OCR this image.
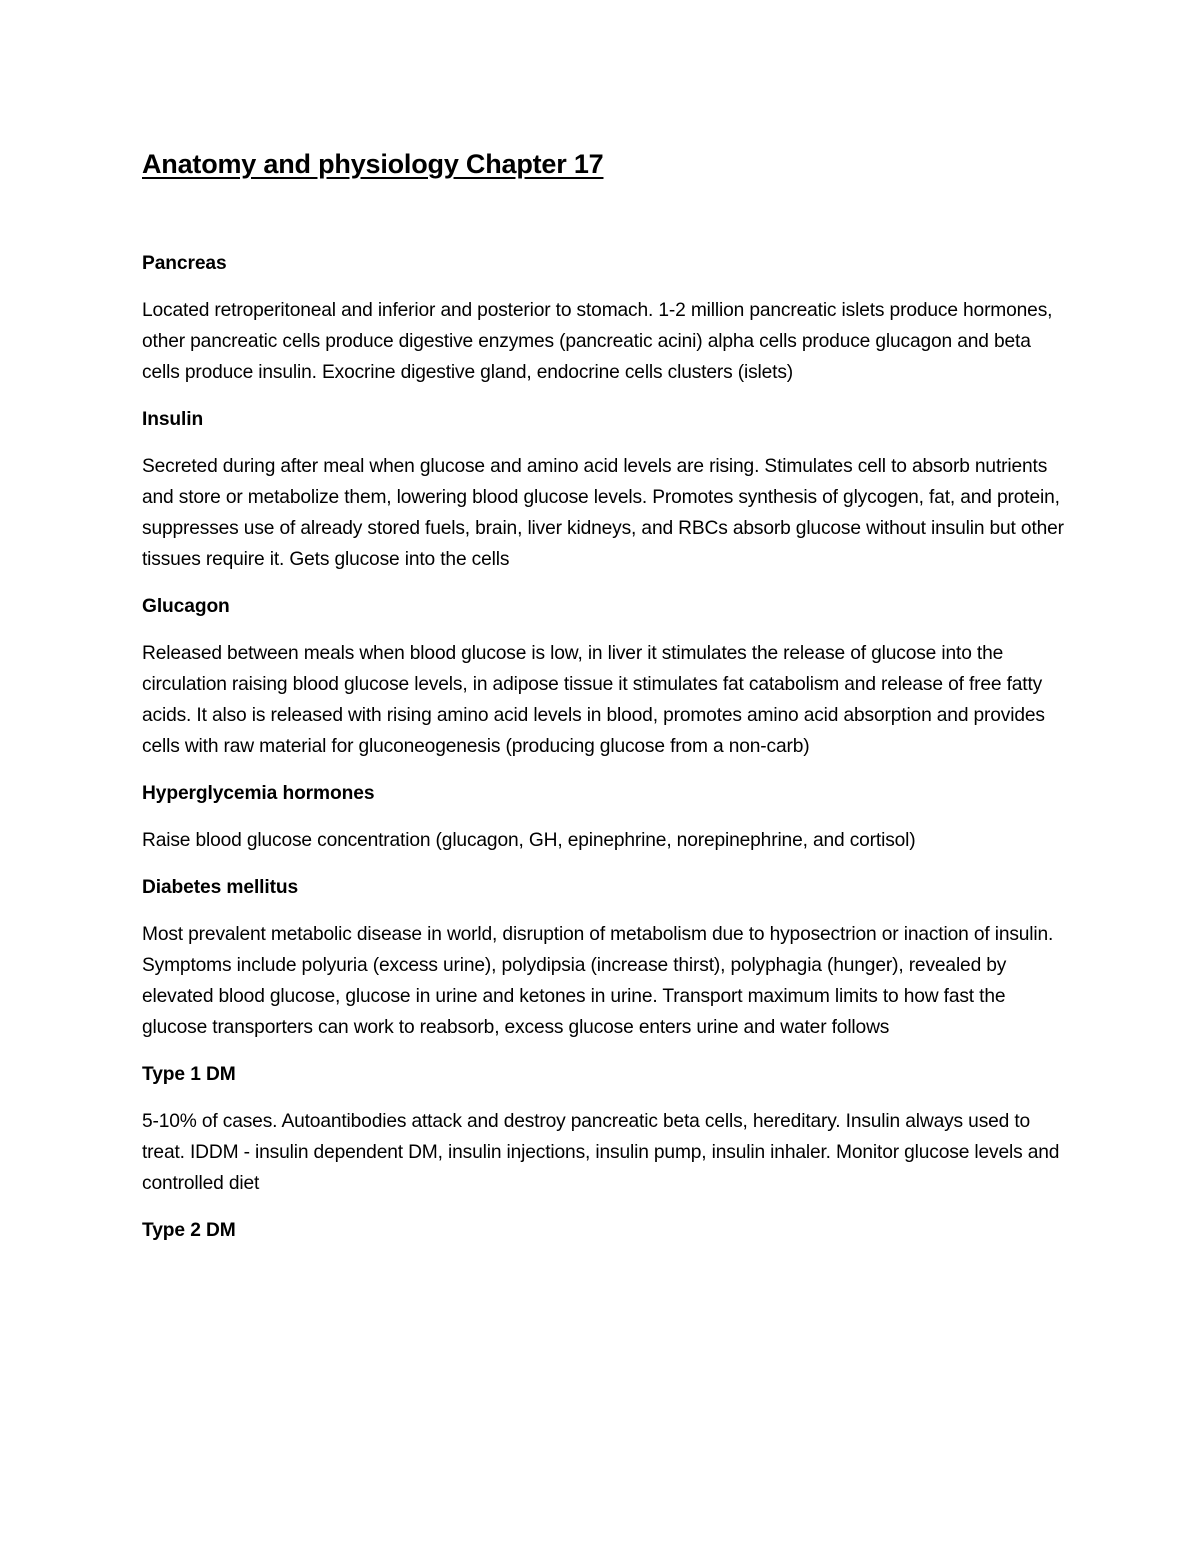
Anatomy and physiology Chapter 17

Pancreas

Located retroperitoneal and inferior and posterior to stomach. 1-2 million pancreatic islets produce hormones, other pancreatic cells produce digestive enzymes (pancreatic acini) alpha cells produce glucagon and beta cells produce insulin. Exocrine digestive gland, endocrine cells clusters (islets)

Insulin

Secreted during after meal when glucose and amino acid levels are rising. Stimulates cell to absorb nutrients and store or metabolize them, lowering blood glucose levels. Promotes synthesis of glycogen, fat, and protein, suppresses use of already stored fuels, brain, liver kidneys, and RBCs absorb glucose without insulin but other tissues require it. Gets glucose into the cells

Glucagon

Released between meals when blood glucose is low, in liver it stimulates the release of glucose into the circulation raising blood glucose levels, in adipose tissue it stimulates fat catabolism and release of free fatty acids. It also is released with rising amino acid levels in blood, promotes amino acid absorption and provides cells with raw material for gluconeogenesis (producing glucose from a non-carb)

Hyperglycemia hormones

Raise blood glucose concentration (glucagon, GH, epinephrine, norepinephrine, and cortisol)

Diabetes mellitus

Most prevalent metabolic disease in world, disruption of metabolism due to hyposectrion or inaction of insulin. Symptoms include polyuria (excess urine), polydipsia (increase thirst), polyphagia (hunger), revealed by elevated blood glucose, glucose in urine and ketones in urine. Transport maximum limits to how fast the glucose transporters can work to reabsorb, excess glucose enters urine and water follows

Type 1 DM

5-10% of cases. Autoantibodies attack and destroy pancreatic beta cells, hereditary. Insulin always used to treat. IDDM - insulin dependent DM, insulin injections, insulin pump, insulin inhaler. Monitor glucose levels and controlled diet

Type 2 DM
